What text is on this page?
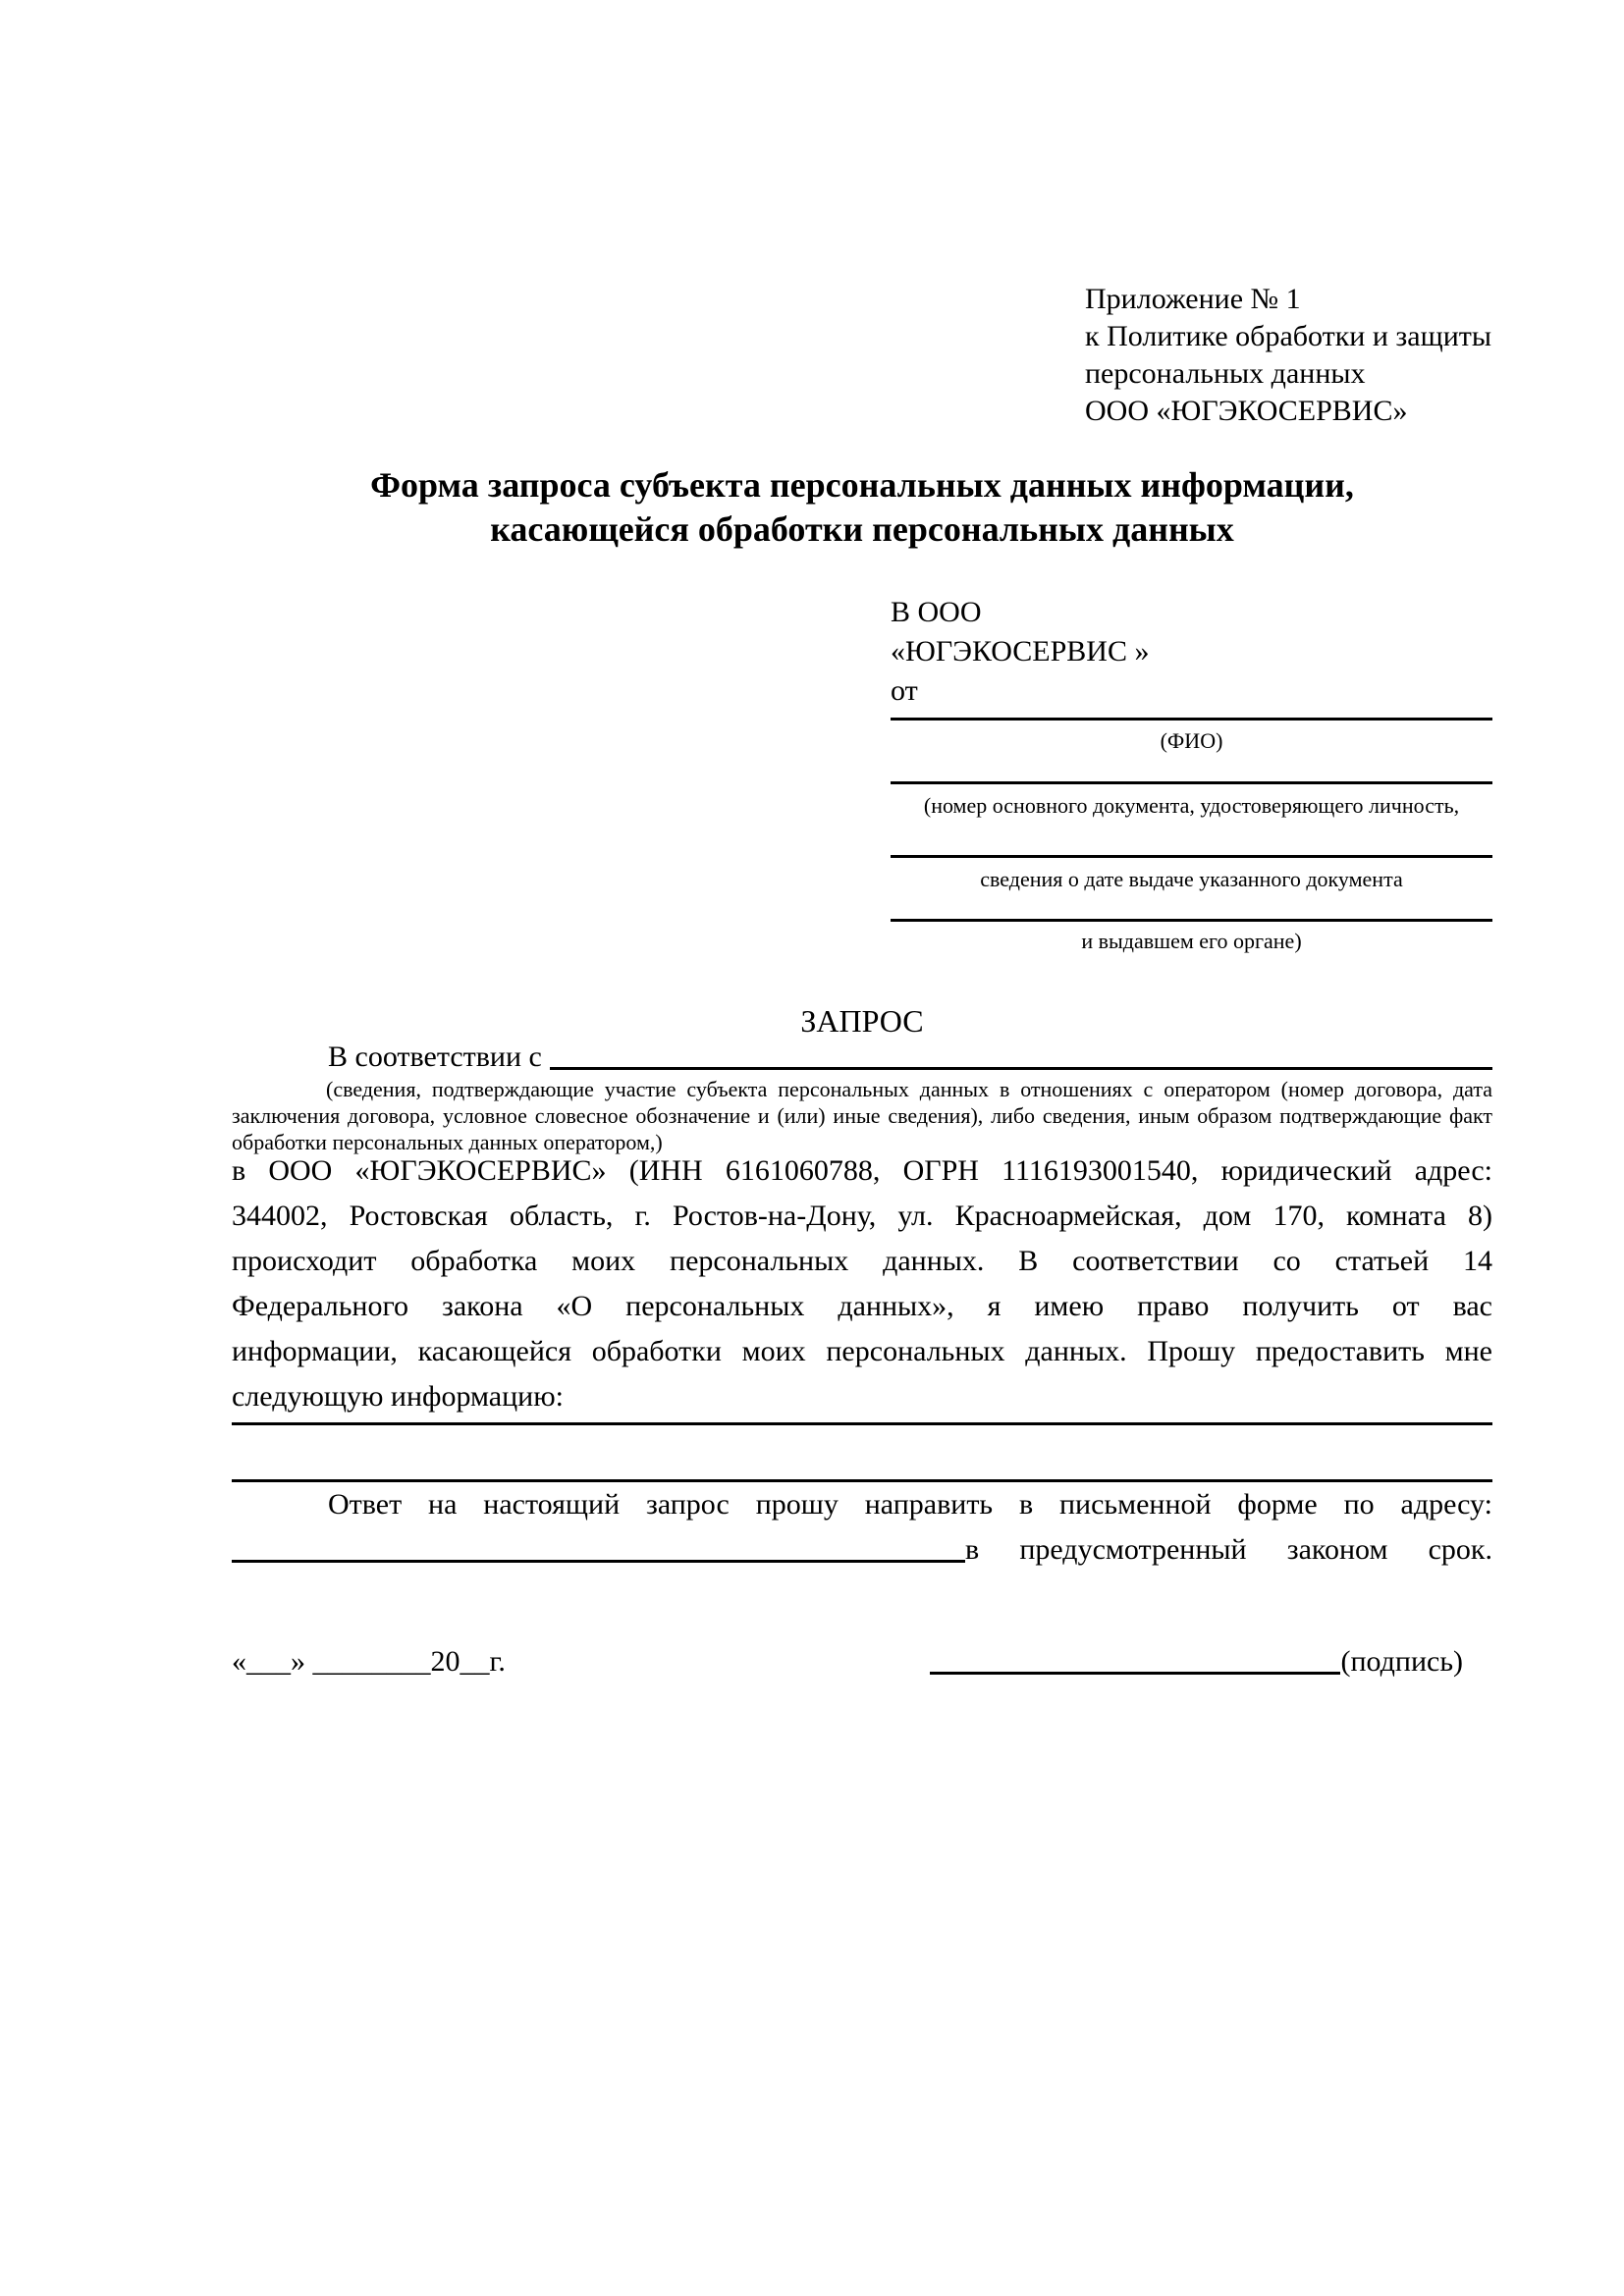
Приложение № 1
к Политике обработки и защиты
персональных данных
ООО «ЮГЭКОСЕРВИС»
Форма запроса субъекта персональных данных информации,
касающейся обработки персональных данных
В ООО
«ЮГЭКОСЕРВИС »
от
(ФИО)
(номер основного документа, удостоверяющего личность,
сведения о дате выдаче указанного документа
и выдавшем его органе)
ЗАПРОС
В соответствии с
(сведения, подтверждающие участие субъекта персональных данных в отношениях с оператором (номер договора, дата
заключения договора, условное словесное обозначение и (или) иные сведения), либо сведения, иным образом подтверждающие факт
обработки персональных данных оператором,)
в ООО «ЮГЭКОСЕРВИС» (ИНН 6161060788, ОГРН 1116193001540, юридический адрес:
344002, Ростовская область, г. Ростов-на-Дону, ул. Красноармейская, дом 170, комната 8)
происходит обработка моих персональных данных. В соответствии со статьей 14
Федерального закона «О персональных данных», я имею право получить от вас
информации, касающейся обработки моих персональных данных. Прошу предоставить мне
следующую информацию:
Ответ на настоящий запрос прошу направить в письменной форме по адресу:
в предусмотренный законом срок.
«___» ________20__г.	(подпись)
